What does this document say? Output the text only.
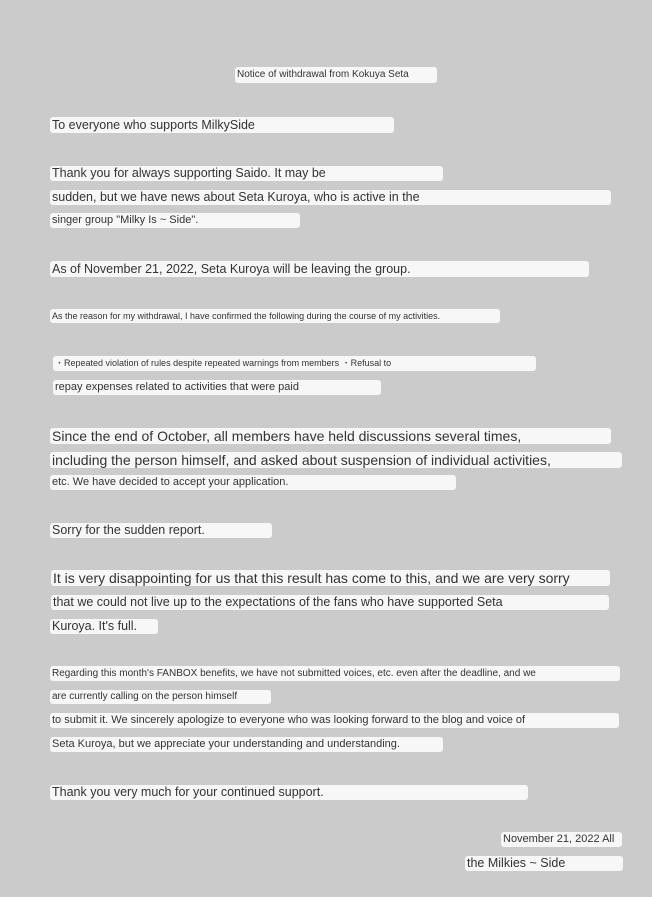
Notice of withdrawal from Kokuya Seta
To everyone who supports MilkySide
Thank you for always supporting Saido. It may be
sudden, but we have news about Seta Kuroya, who is active in the
singer group "Milky Is ~ Side".
As of November 21, 2022, Seta Kuroya will be leaving the group.
As the reason for my withdrawal, I have confirmed the following during the course of my activities.
・Repeated violation of rules despite repeated warnings from members ・Refusal to
repay expenses related to activities that were paid
Since the end of October, all members have held discussions several times,
including the person himself, and asked about suspension of individual activities,
etc. We have decided to accept your application.
Sorry for the sudden report.
It is very disappointing for us that this result has come to this, and we are very sorry
that we could not live up to the expectations of the fans who have supported Seta
Kuroya. It's full.
Regarding this month's FANBOX benefits, we have not submitted voices, etc. even after the deadline, and we
are currently calling on the person himself
to submit it. We sincerely apologize to everyone who was looking forward to the blog and voice of
Seta Kuroya, but we appreciate your understanding and understanding.
Thank you very much for your continued support.
November 21, 2022 All
the Milkies ~ Side
